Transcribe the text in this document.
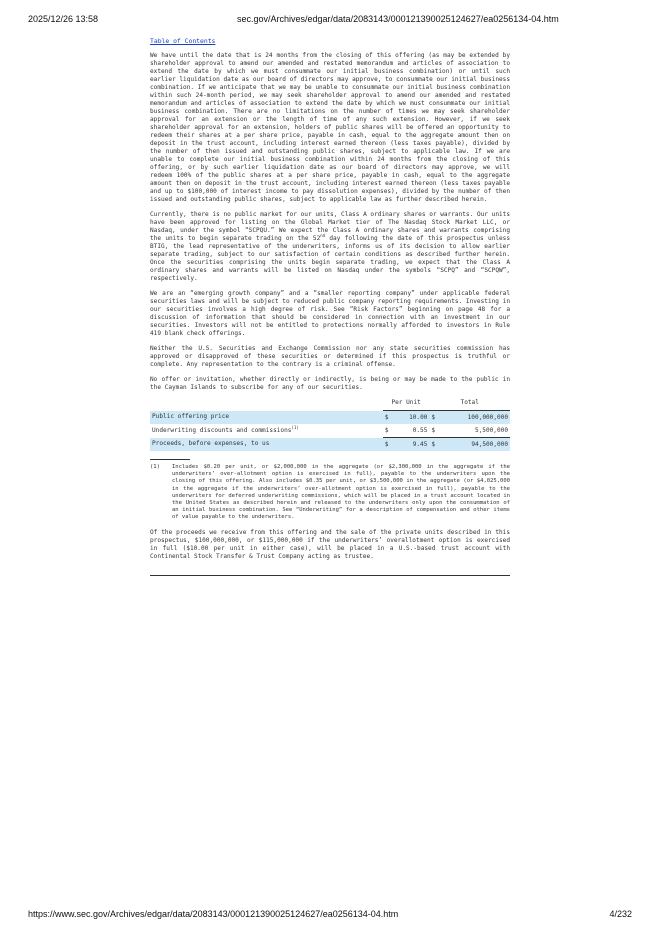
2025/12/26 13:58	sec.gov/Archives/edgar/data/2083143/000121390025124627/ea0256134-04.htm
Table of Contents

We have until the date that is 24 months from the closing of this offering (as may be extended by shareholder approval to amend our amended and restated memorandum and articles of association to extend the date by which we must consummate our initial business combination) or until such earlier liquidation date as our board of directors may approve, to consummate our initial business combination. If we anticipate that we may be unable to consummate our initial business combination within such 24-month period, we may seek shareholder approval to amend our amended and restated memorandum and articles of association to extend the date by which we must consummate our initial business combination. There are no limitations on the number of times we may seek shareholder approval for an extension or the length of time of any such extension. However, if we seek shareholder approval for an extension, holders of public shares will be offered an opportunity to redeem their shares at a per share price, payable in cash, equal to the aggregate amount then on deposit in the trust account, including interest earned thereon (less taxes payable), divided by the number of then issued and outstanding public shares, subject to applicable law. If we are unable to complete our initial business combination within 24 months from the closing of this offering, or by such earlier liquidation date as our board of directors may approve, we will redeem 100% of the public shares at a per share price, payable in cash, equal to the aggregate amount then on deposit in the trust account, including interest earned thereon (less taxes payable and up to $100,000 of interest income to pay dissolution expenses), divided by the number of then issued and outstanding public shares, subject to applicable law as further described herein.

Currently, there is no public market for our units, Class A ordinary shares or warrants. Our units have been approved for listing on the Global Market tier of The Nasdaq Stock Market LLC, or Nasdaq, under the symbol “SCPQU.” We expect the Class A ordinary shares and warrants comprising the units to begin separate trading on the 52nd day following the date of this prospectus unless BTIG, the lead representative of the underwriters, informs us of its decision to allow earlier separate trading, subject to our satisfaction of certain conditions as described further herein. Once the securities comprising the units begin separate trading, we expect that the Class A ordinary shares and warrants will be listed on Nasdaq under the symbols “SCPQ” and “SCPQW”, respectively.

We are an “emerging growth company” and a “smaller reporting company” under applicable federal securities laws and will be subject to reduced public company reporting requirements. Investing in our securities involves a high degree of risk. See “Risk Factors” beginning on page 48 for a discussion of information that should be considered in connection with an investment in our securities. Investors will not be entitled to protections normally afforded to investors in Rule 419 blank check offerings.

Neither the U.S. Securities and Exchange Commission nor any state securities commission has approved or disapproved of these securities or determined if this prospectus is truthful or complete. Any representation to the contrary is a criminal offense.

No offer or invitation, whether directly or indirectly, is being or may be made to the public in the Cayman Islands to subscribe for any of our securities.

	Per Unit		Total	
Public offering price	$	10.00	$	100,000,000
Underwriting discounts and commissions$^{(1)}$	$	0.55	$	5,500,000
Proceeds, before expenses, to us	$	9.45	$	94,500,000
(1)	Includes $0.20 per unit, or $2,000,000 in the aggregate (or $2,300,000 in the aggregate if the underwriters’ over-allotment option is exercised in full), payable to the underwriters upon the closing of this offering. Also includes $0.35 per unit, or $3,500,000 in the aggregate (or $4,025,000 in the aggregate if the underwriters’ over-allotment option is exercised in full), payable to the underwriters for deferred underwriting commissions, which will be placed in a trust account located in the United States as described herein and released to the underwriters only upon the consummation of an initial business combination. See “Underwriting” for a description of compensation and other items of value payable to the underwriters.

Of the proceeds we receive from this offering and the sale of the private units described in this prospectus, $100,000,000, or $115,000,000 if the underwriters’ overallotment option is exercised in full ($10.00 per unit in either case), will be placed in a U.S.-based trust account with Continental Stock Transfer & Trust Company acting as trustee.

https://www.sec.gov/Archives/edgar/data/2083143/000121390025124627/ea0256134-04.htm	4/232
